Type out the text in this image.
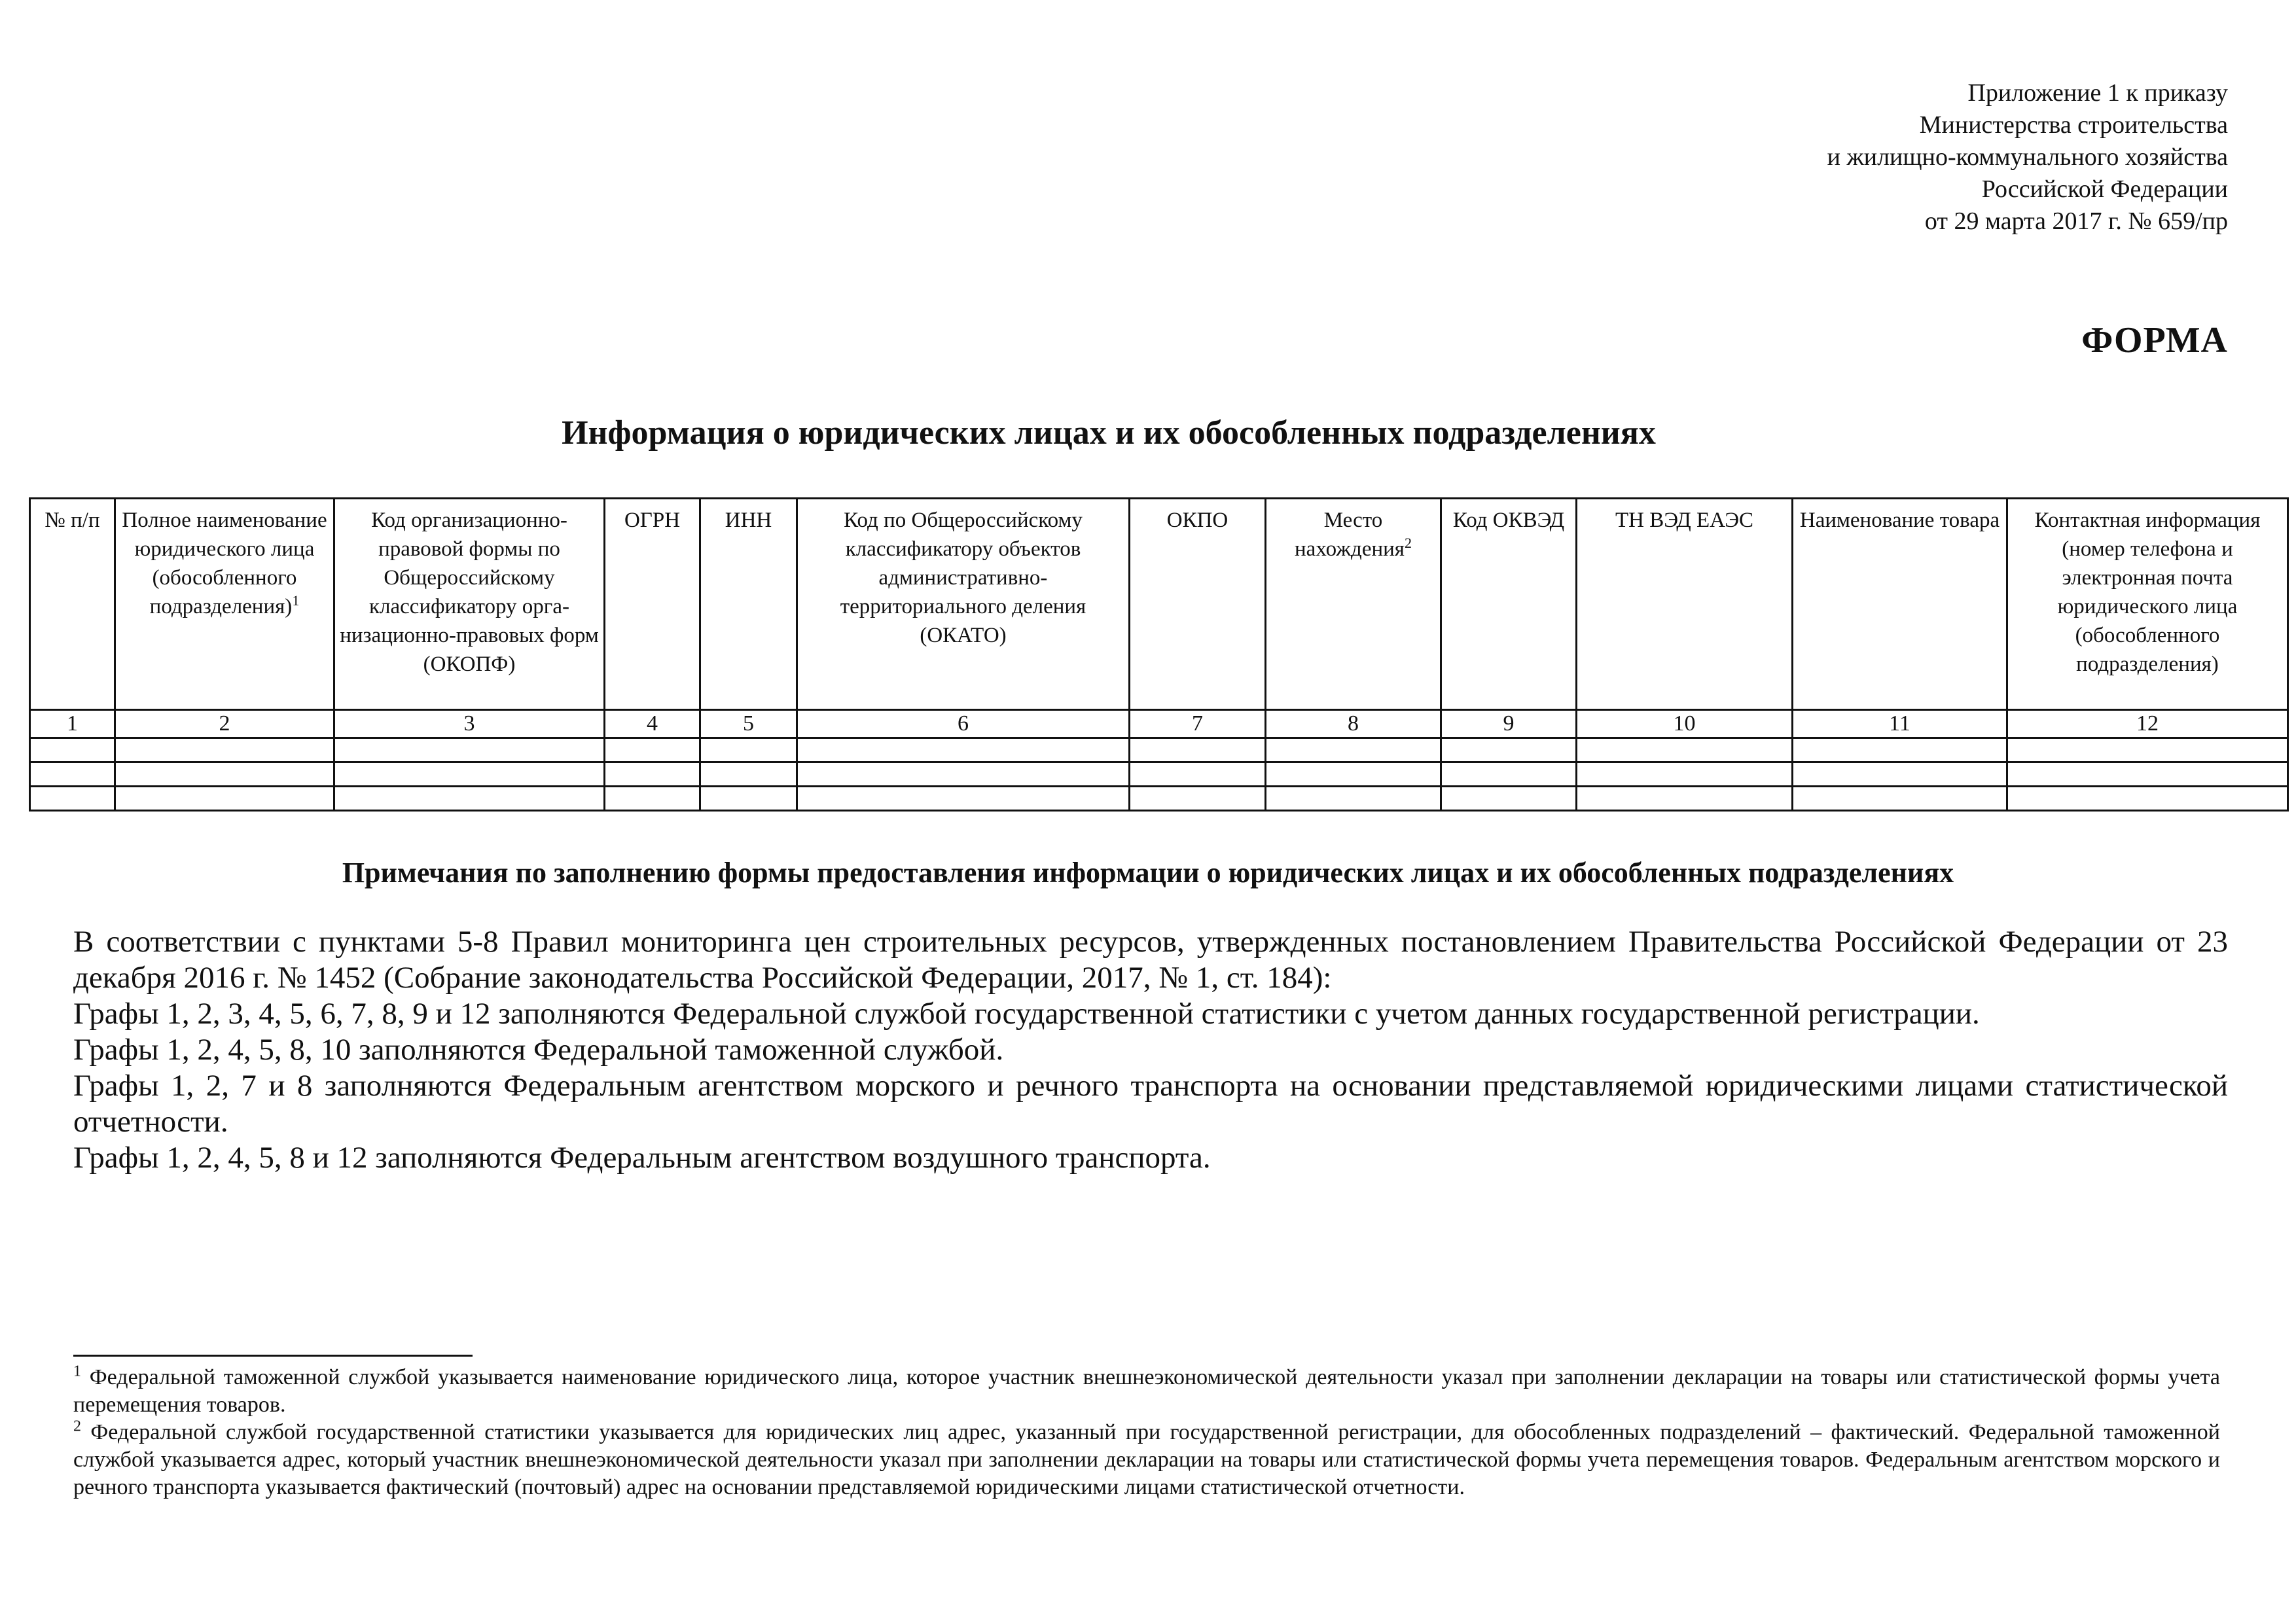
Приложение 1 к приказу
Министерства строительства
и жилищно-коммунального хозяйства
Российской Федерации
от 29 марта 2017 г. № 659/пр
ФОРМА
Информация о юридических лицах и их обособленных подразделениях
№ п/п	Полное наименование юридического лица (обособленного подразделения)$^1$	Код организационно-правовой формы по Общероссийскому классификатору орга-низационно-правовых форм (ОКОПФ)	ОГРН	ИНН	Код по Общероссийскому классификатору объектов административно-территориального деления (ОКАТО)	ОКПО	Место нахождения$^2$	Код ОКВЭД	ТН ВЭД ЕАЭС	Наименование товара	Контактная информация (номер телефона и электронная почта юридического лица (обособленного подразделения)
1	2	3	4	5	6	7	8	9	10	11	12

Примечания по заполнению формы предоставления информации о юридических лицах и их обособленных подразделениях

В соответствии с пунктами 5-8 Правил мониторинга цен строительных ресурсов, утвержденных постановлением Правительства Российской Федерации от 23 декабря 2016 г. № 1452 (Собрание законодательства Российской Федерации, 2017, № 1, ст. 184):

Графы 1, 2, 3, 4, 5, 6, 7, 8, 9 и 12 заполняются Федеральной службой государственной статистики с учетом данных государственной регистрации.

Графы 1, 2, 4, 5, 8, 10 заполняются Федеральной таможенной службой.

Графы 1, 2, 7 и 8 заполняются Федеральным агентством морского и речного транспорта на основании представляемой юридическими лицами статистической отчетности.

Графы 1, 2, 4, 5, 8 и 12 заполняются Федеральным агентством воздушного транспорта.

$^1$ Федеральной таможенной службой указывается наименование юридического лица, которое участник внешнеэкономической деятельности указал при заполнении декларации на товары или статистической формы учета перемещения товаров.

$^2$ Федеральной службой государственной статистики указывается для юридических лиц адрес, указанный при государственной регистрации, для обособленных подразделений – фактический. Федеральной таможенной службой указывается адрес, который участник внешнеэкономической деятельности указал при заполнении декларации на товары или статистической формы учета перемещения товаров. Федеральным агентством морского и речного транспорта указывается фактический (почтовый) адрес на основании представляемой юридическими лицами статистической отчетности.
